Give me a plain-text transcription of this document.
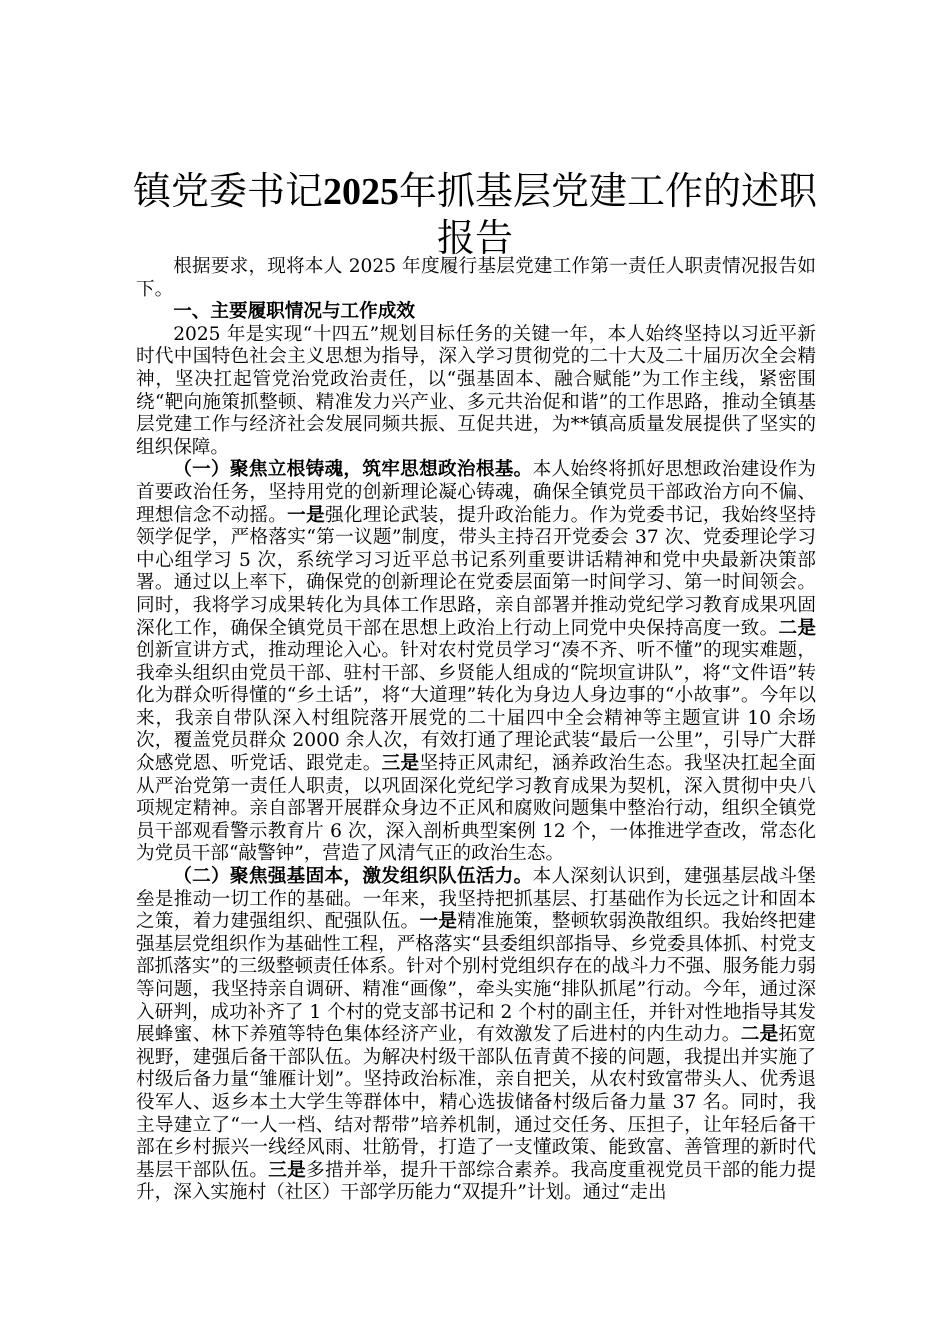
镇党委书记2025年抓基层党建工作的述职报告

根据要求，现将本人 2025 年度履行基层党建工作第一责任人职责情况报告如下。

一、主要履职情况与工作成效

2025 年是实现“十四五”规划目标任务的关键一年，本人始终坚持以习近平新时代中国特色社会主义思想为指导，深入学习贯彻党的二十大及二十届历次全会精神，坚决扛起管党治党政治责任，以“强基固本、融合赋能”为工作主线，紧密围绕“靶向施策抓整顿、精准发力兴产业、多元共治促和谐”的工作思路，推动全镇基层党建工作与经济社会发展同频共振、互促共进，为**镇高质量发展提供了坚实的组织保障。

（一）聚焦立根铸魂，筑牢思想政治根基。本人始终将抓好思想政治建设作为首要政治任务，坚持用党的创新理论凝心铸魂，确保全镇党员干部政治方向不偏、理想信念不动摇。一是强化理论武装，提升政治能力。作为党委书记，我始终坚持领学促学，严格落实“第一议题”制度，带头主持召开党委会 37 次、党委理论学习中心组学习 5 次，系统学习习近平总书记系列重要讲话精神和党中央最新决策部署。通过以上率下，确保党的创新理论在党委层面第一时间学习、第一时间领会。同时，我将学习成果转化为具体工作思路，亲自部署并推动党纪学习教育成果巩固深化工作，确保全镇党员干部在思想上政治上行动上同党中央保持高度一致。二是创新宣讲方式，推动理论入心。针对农村党员学习“凑不齐、听不懂”的现实难题，我牵头组织由党员干部、驻村干部、乡贤能人组成的“院坝宣讲队”，将“文件语”转化为群众听得懂的“乡土话”，将“大道理”转化为身边人身边事的“小故事”。今年以来，我亲自带队深入村组院落开展党的二十届四中全会精神等主题宣讲 10 余场次，覆盖党员群众 2000 余人次，有效打通了理论武装“最后一公里”，引导广大群众感党恩、听党话、跟党走。三是坚持正风肃纪，涵养政治生态。我坚决扛起全面从严治党第一责任人职责，以巩固深化党纪学习教育成果为契机，深入贯彻中央八项规定精神。亲自部署开展群众身边不正风和腐败问题集中整治行动，组织全镇党员干部观看警示教育片 6 次，深入剖析典型案例 12 个，一体推进学查改，常态化为党员干部“敲警钟”，营造了风清气正的政治生态。

（二）聚焦强基固本，激发组织队伍活力。本人深刻认识到，建强基层战斗堡垒是推动一切工作的基础。一年来，我坚持把抓基层、打基础作为长远之计和固本之策，着力建强组织、配强队伍。一是精准施策，整顿软弱涣散组织。我始终把建强基层党组织作为基础性工程，严格落实“县委组织部指导、乡党委具体抓、村党支部抓落实”的三级整顿责任体系。针对个别村党组织存在的战斗力不强、服务能力弱等问题，我坚持亲自调研、精准“画像”，牵头实施“排队抓尾”行动。今年，通过深入研判，成功补齐了 1 个村的党支部书记和 2 个村的副主任，并针对性地指导其发展蜂蜜、林下养殖等特色集体经济产业，有效激发了后进村的内生动力。二是拓宽视野，建强后备干部队伍。为解决村级干部队伍青黄不接的问题，我提出并实施了村级后备力量“雏雁计划”。坚持政治标准，亲自把关，从农村致富带头人、优秀退役军人、返乡本土大学生等群体中，精心选拔储备村级后备力量 37 名。同时，我主导建立了“一人一档、结对帮带”培养机制，通过交任务、压担子，让年轻后备干部在乡村振兴一线经风雨、壮筋骨，打造了一支懂政策、能致富、善管理的新时代基层干部队伍。三是多措并举，提升干部综合素养。我高度重视党员干部的能力提升，深入实施村（社区）干部学历能力“双提升”计划。通过“走出
